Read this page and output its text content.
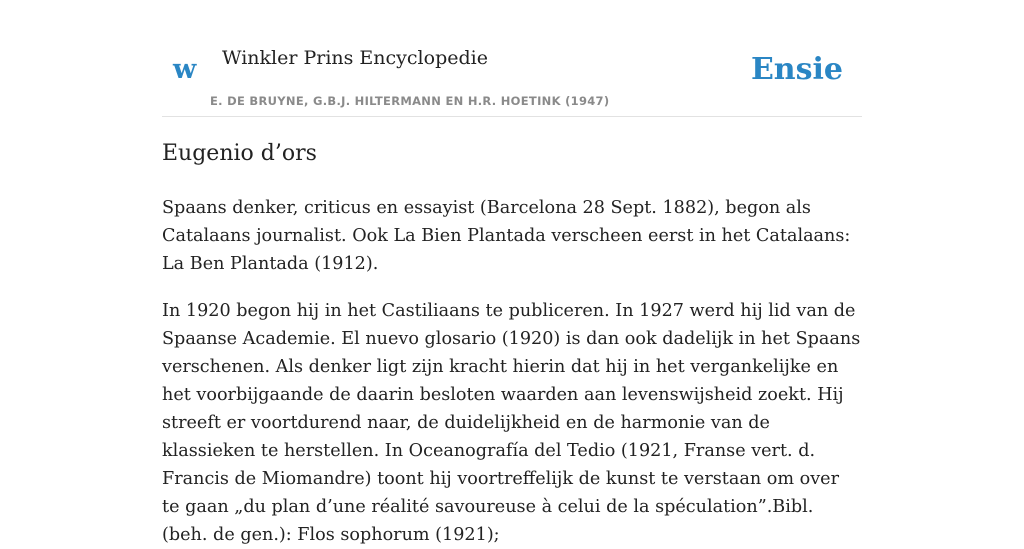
w Winkler Prins Encyclopedie
E. DE BRUYNE, G.B.J. HILTERMANN EN H.R. HOETINK (1947)
Ensie
Eugenio d’ors

Spaans denker, criticus en essayist (Barcelona 28 Sept. 1882), begon als Catalaans journalist. Ook La Bien Plantada verscheen eerst in het Catalaans: La Ben Plantada (1912).

In 1920 begon hij in het Castiliaans te publiceren. In 1927 werd hij lid van de Spaanse Academie. El nuevo glosario (1920) is dan ook dadelijk in het Spaans verschenen. Als denker ligt zijn kracht hierin dat hij in het vergankelijke en het voorbijgaande de daarin besloten waarden aan levenswijsheid zoekt. Hij streeft er voortdurend naar, de duidelijkheid en de harmonie van de klassieken te herstellen. In Oceanografía del Tedio (1921, Franse vert. d. Francis de Miomandre) toont hij voortreffelijk de kunst te verstaan om over te gaan „du plan d’une réalité savoureuse à celui de la spéculation”.Bibl. (beh. de gen.): Flos sophorum (1921);
